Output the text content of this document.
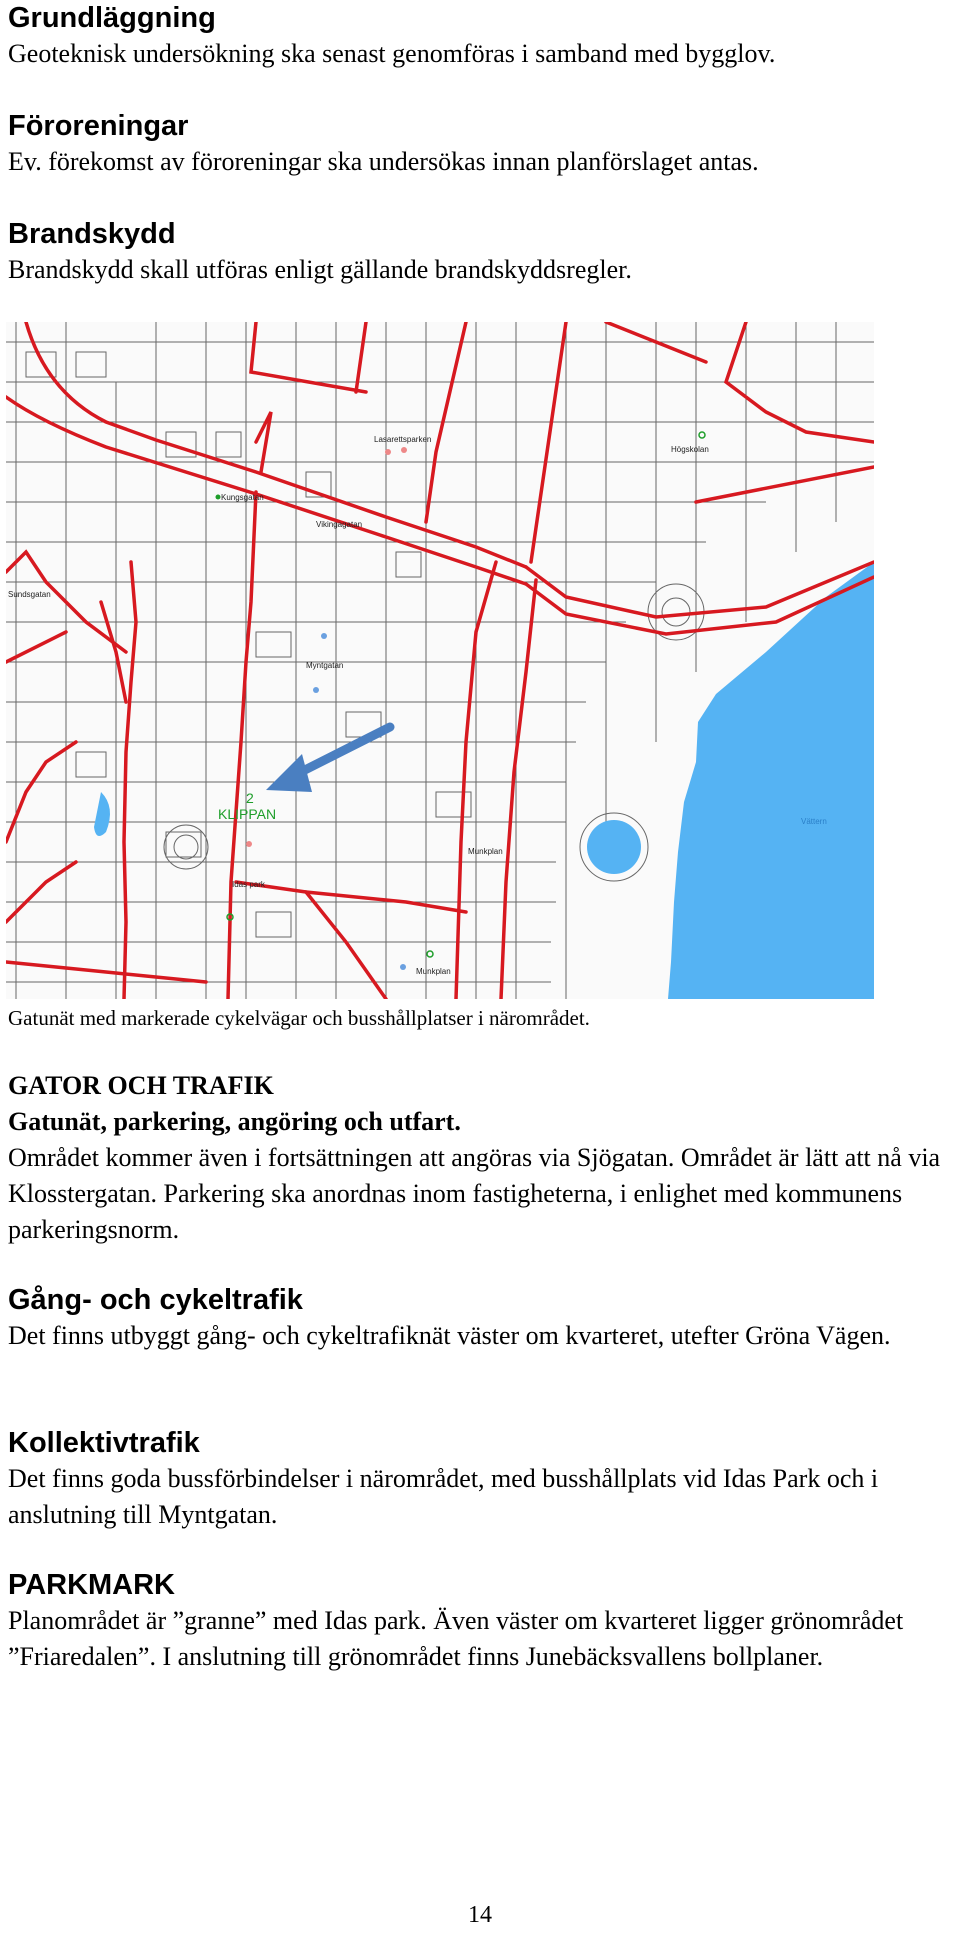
Grundläggning
Geoteknisk undersökning ska senast genomföras i samband med bygglov.
Föroreningar
Ev. förekomst av föroreningar ska undersökas innan planförslaget antas.
Brandskydd
Brandskydd skall utföras enligt gällande brandskyddsregler.
Lasarettsparken
Högskolan
Kungsgatan
Vikingagatan
Myntgatan
Sundsgatan
Idas park
Munkplan
Munkplan
Vättern
2
KLIPPAN
Gatunät med markerade cykelvägar och busshållplatser i närområdet.
GATOR OCH TRAFIK
Gatunät, parkering, angöring och utfart.
Området kommer även i fortsättningen att angöras via Sjögatan. Området är lätt att nå via Klosstergatan. Parkering ska anordnas inom fastigheterna, i enlighet med kommunens parkeringsnorm.
Gång- och cykeltrafik
Det finns utbyggt gång- och cykeltrafiknät väster om kvarteret, utefter Gröna Vägen.
Kollektivtrafik
Det finns goda bussförbindelser i närområdet, med busshållplats vid Idas Park och i anslutning till Myntgatan.
PARKMARK
Planområdet är ”granne” med Idas park. Även väster om kvarteret ligger grönområdet ”Friaredalen”. I anslutning till grönområdet finns Junebäcksvallens bollplaner.
14
